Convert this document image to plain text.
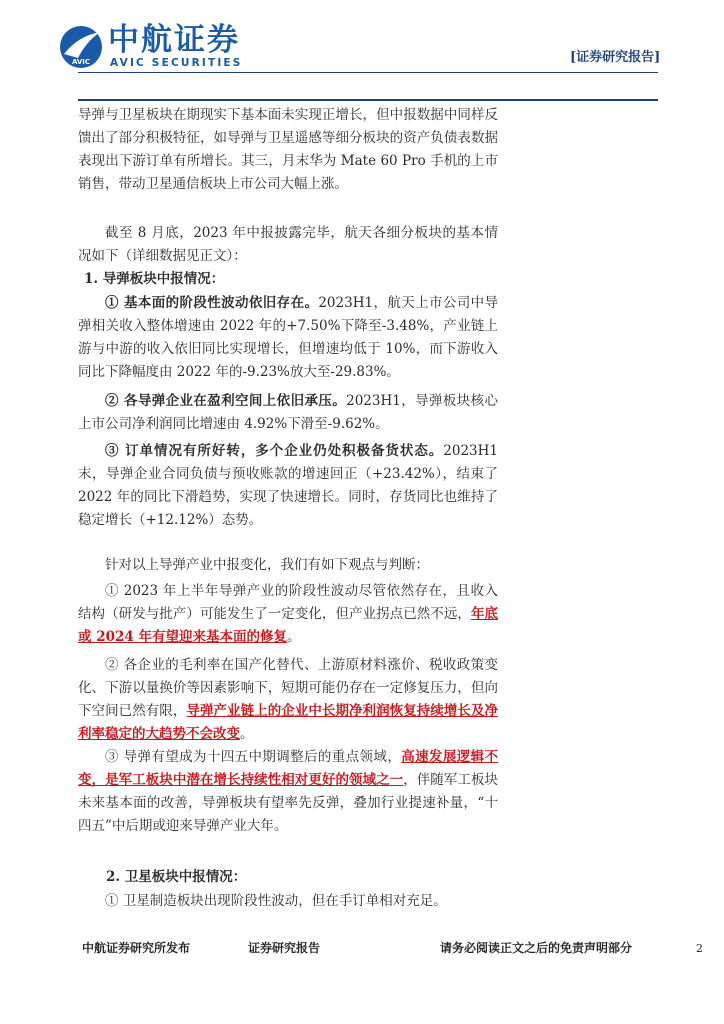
AVIC
中航证券
AVIC SECURITIES	[证券研究报告]

导弹与卫星板块在期现实下基本面未实现正增长，但中报数据中同样反馈出了部分积极特征，如导弹与卫星遥感等细分板块的资产负债表数据表现出下游订单有所增长。其三，月末华为 Mate 60 Pro 手机的上市销售，带动卫星通信板块上市公司大幅上涨。

截至 8 月底，2023 年中报披露完毕，航天各细分板块的基本情况如下（详细数据见正文）：

1. 导弹板块中报情况：

① 基本面的阶段性波动依旧存在。2023H1，航天上市公司中导弹相关收入整体增速由 2022 年的+7.50%下降至-3.48%，产业链上游与中游的收入依旧同比实现增长，但增速均低于 10%，而下游收入同比下降幅度由 2022 年的-9.23%放大至-29.83%。

② 各导弹企业在盈利空间上依旧承压。2023H1，导弹板块核心上市公司净利润同比增速由 4.92%下滑至-9.62%。

③ 订单情况有所好转，多个企业仍处积极备货状态。2023H1 末，导弹企业合同负债与预收账款的增速回正（+23.42%），结束了 2022 年的同比下滑趋势，实现了快速增长。同时，存货同比也维持了稳定增长（+12.12%）态势。

针对以上导弹产业中报变化，我们有如下观点与判断：

① 2023 年上半年导弹产业的阶段性波动尽管依然存在，且收入结构（研发与批产）可能发生了一定变化，但产业拐点已然不远，年底或 2024 年有望迎来基本面的修复。

② 各企业的毛利率在国产化替代、上游原材料涨价、税收政策变化、下游以量换价等因素影响下，短期可能仍存在一定修复压力，但向下空间已然有限，导弹产业链上的企业中长期净利润恢复持续增长及净利率稳定的大趋势不会改变。

③ 导弹有望成为十四五中期调整后的重点领域，高速发展逻辑不变，是军工板块中潜在增长持续性相对更好的领域之一，伴随军工板块未来基本面的改善，导弹板块有望率先反弹，叠加行业提速补量，“十四五”中后期或迎来导弹产业大年。

2. 卫星板块中报情况：

① 卫星制造板块出现阶段性波动，但在手订单相对充足。

中航证券研究所发布	证券研究报告	请务必阅读正文之后的免责声明部分	2
